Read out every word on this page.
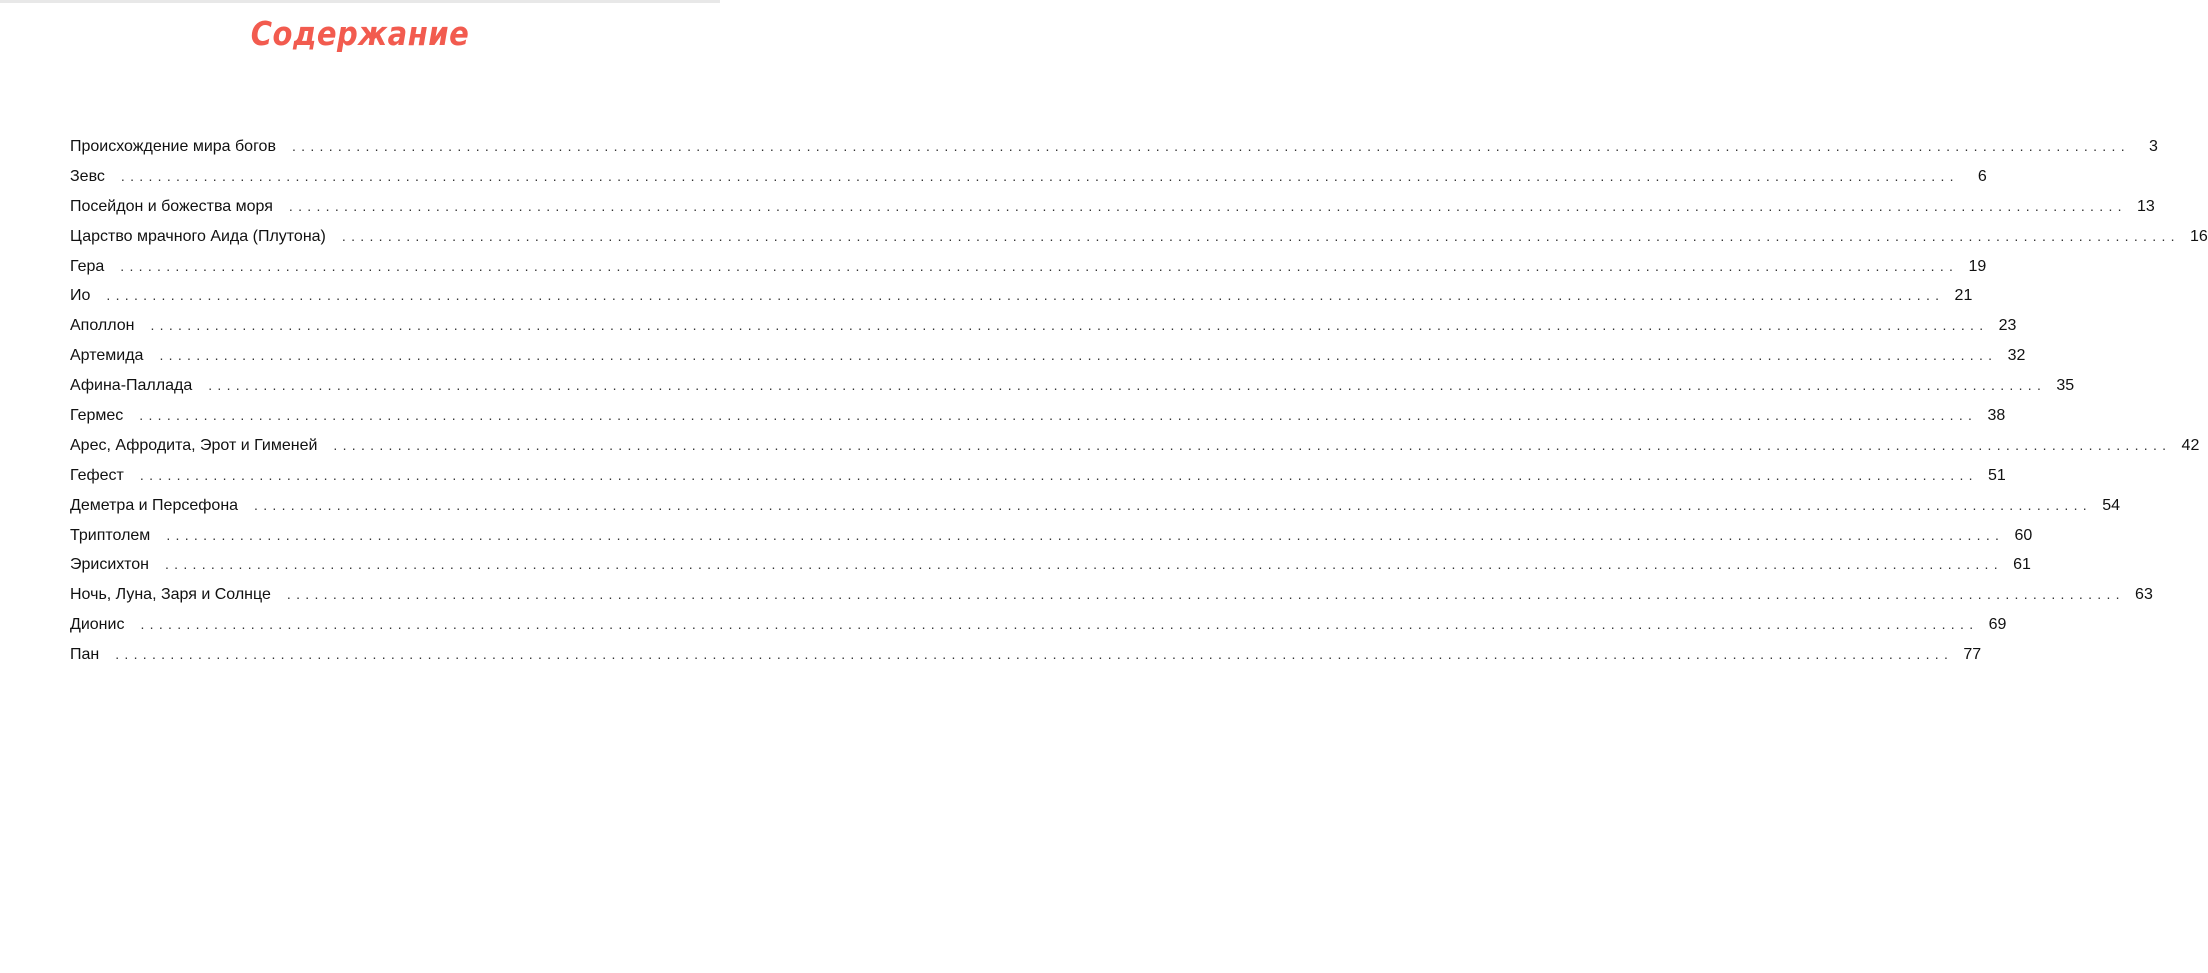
Содержание
Происхождение мира богов	........................................................................................................................................................................................................	3
Зевс	........................................................................................................................................................................................................	6
Посейдон и божества моря	........................................................................................................................................................................................................ 13
Царство мрачного Аида (Плутона)	........................................................................................................................................................................................................ 16
Гера	........................................................................................................................................................................................................ 19
Ио	........................................................................................................................................................................................................ 21
Аполлон	........................................................................................................................................................................................................ 23
Артемида	........................................................................................................................................................................................................ 32
Афина-Паллада	........................................................................................................................................................................................................ 35
Гермес	........................................................................................................................................................................................................ 38
Арес, Афродита, Эрот и Гименей	........................................................................................................................................................................................................ 42
Гефест	........................................................................................................................................................................................................ 51
Деметра и Персефона	........................................................................................................................................................................................................ 54
Триптолем	........................................................................................................................................................................................................ 60
Эрисихтон	........................................................................................................................................................................................................ 61
Ночь, Луна, Заря и Солнце	........................................................................................................................................................................................................ 63
Дионис	........................................................................................................................................................................................................ 69
Пан	........................................................................................................................................................................................................ 77
